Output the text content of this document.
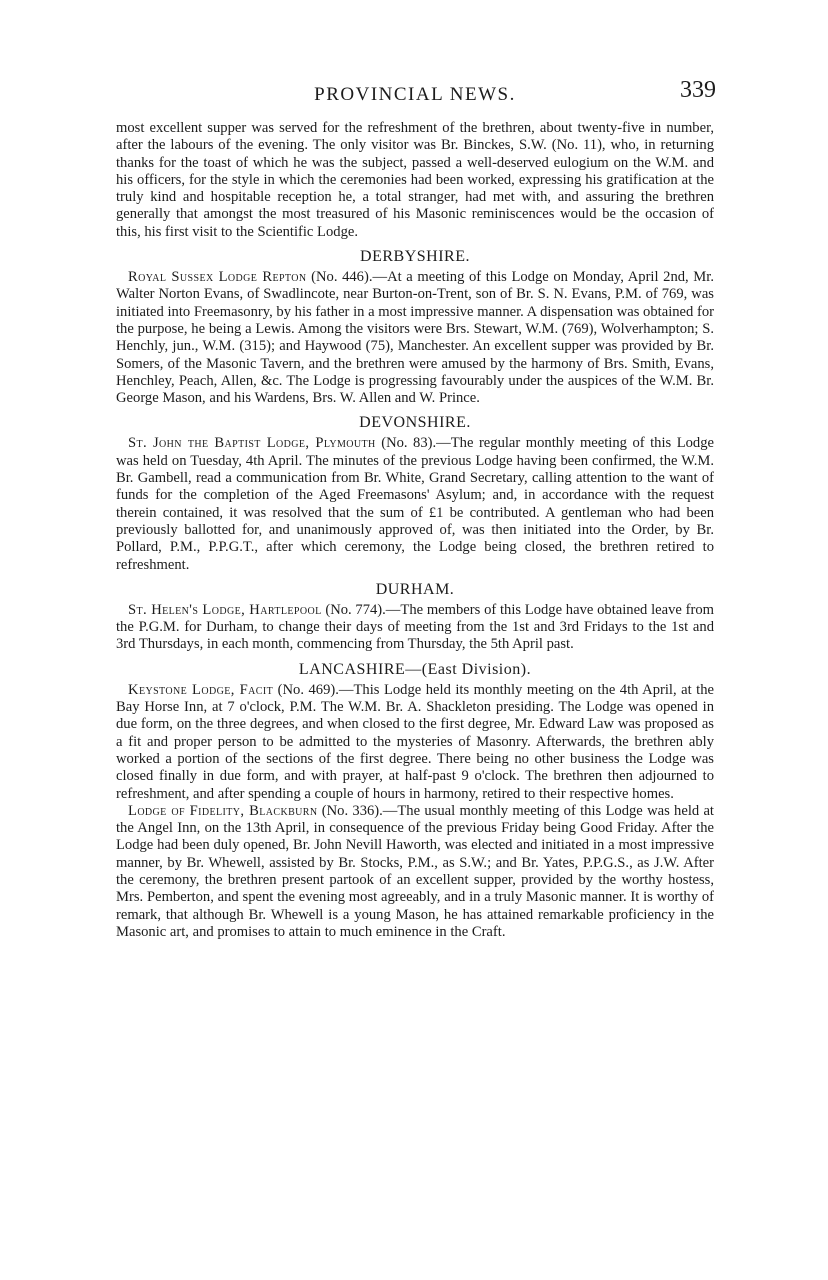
PROVINCIAL NEWS.	339

most excellent supper was served for the refreshment of the brethren, about twenty-five in number, after the labours of the evening. The only visitor was Br. Binckes, S.W. (No. 11), who, in returning thanks for the toast of which he was the subject, passed a well-deserved eulogium on the W.M. and his officers, for the style in which the ceremonies had been worked, expressing his gratification at the truly kind and hospitable reception he, a total stranger, had met with, and assuring the brethren generally that amongst the most treasured of his Masonic reminiscences would be the occasion of this, his first visit to the Scientific Lodge.

DERBYSHIRE.

Royal Sussex Lodge Repton (No. 446).—At a meeting of this Lodge on Monday, April 2nd, Mr. Walter Norton Evans, of Swadlincote, near Burton-on-Trent, son of Br. S. N. Evans, P.M. of 769, was initiated into Freemasonry, by his father in a most impressive manner. A dispensation was obtained for the purpose, he being a Lewis. Among the visitors were Brs. Stewart, W.M. (769), Wolverhampton; S. Henchly, jun., W.M. (315); and Haywood (75), Manchester. An excellent supper was provided by Br. Somers, of the Masonic Tavern, and the brethren were amused by the harmony of Brs. Smith, Evans, Henchley, Peach, Allen, &c. The Lodge is progressing favourably under the auspices of the W.M. Br. George Mason, and his Wardens, Brs. W. Allen and W. Prince.

DEVONSHIRE.

St. John the Baptist Lodge, Plymouth (No. 83).—The regular monthly meeting of this Lodge was held on Tuesday, 4th April. The minutes of the previous Lodge having been confirmed, the W.M. Br. Gambell, read a communication from Br. White, Grand Secretary, calling attention to the want of funds for the completion of the Aged Freemasons' Asylum; and, in accordance with the request therein contained, it was resolved that the sum of £1 be contributed. A gentleman who had been previously ballotted for, and unanimously approved of, was then initiated into the Order, by Br. Pollard, P.M., P.P.G.T., after which ceremony, the Lodge being closed, the brethren retired to refreshment.

DURHAM.

St. Helen's Lodge, Hartlepool (No. 774).—The members of this Lodge have obtained leave from the P.G.M. for Durham, to change their days of meeting from the 1st and 3rd Fridays to the 1st and 3rd Thursdays, in each month, commencing from Thursday, the 5th April past.

LANCASHIRE—(East Division).

Keystone Lodge, Facit (No. 469).—This Lodge held its monthly meeting on the 4th April, at the Bay Horse Inn, at 7 o'clock, P.M. The W.M. Br. A. Shackleton presiding. The Lodge was opened in due form, on the three degrees, and when closed to the first degree, Mr. Edward Law was proposed as a fit and proper person to be admitted to the mysteries of Masonry. Afterwards, the brethren ably worked a portion of the sections of the first degree. There being no other business the Lodge was closed finally in due form, and with prayer, at half-past 9 o'clock. The brethren then adjourned to refreshment, and after spending a couple of hours in harmony, retired to their respective homes.

Lodge of Fidelity, Blackburn (No. 336).—The usual monthly meeting of this Lodge was held at the Angel Inn, on the 13th April, in consequence of the previous Friday being Good Friday. After the Lodge had been duly opened, Br. John Nevill Haworth, was elected and initiated in a most impressive manner, by Br. Whewell, assisted by Br. Stocks, P.M., as S.W.; and Br. Yates, P.P.G.S., as J.W. After the ceremony, the brethren present partook of an excellent supper, provided by the worthy hostess, Mrs. Pemberton, and spent the evening most agreeably, and in a truly Masonic manner. It is worthy of remark, that although Br. Whewell is a young Mason, he has attained remarkable proficiency in the Masonic art, and promises to attain to much eminence in the Craft.
